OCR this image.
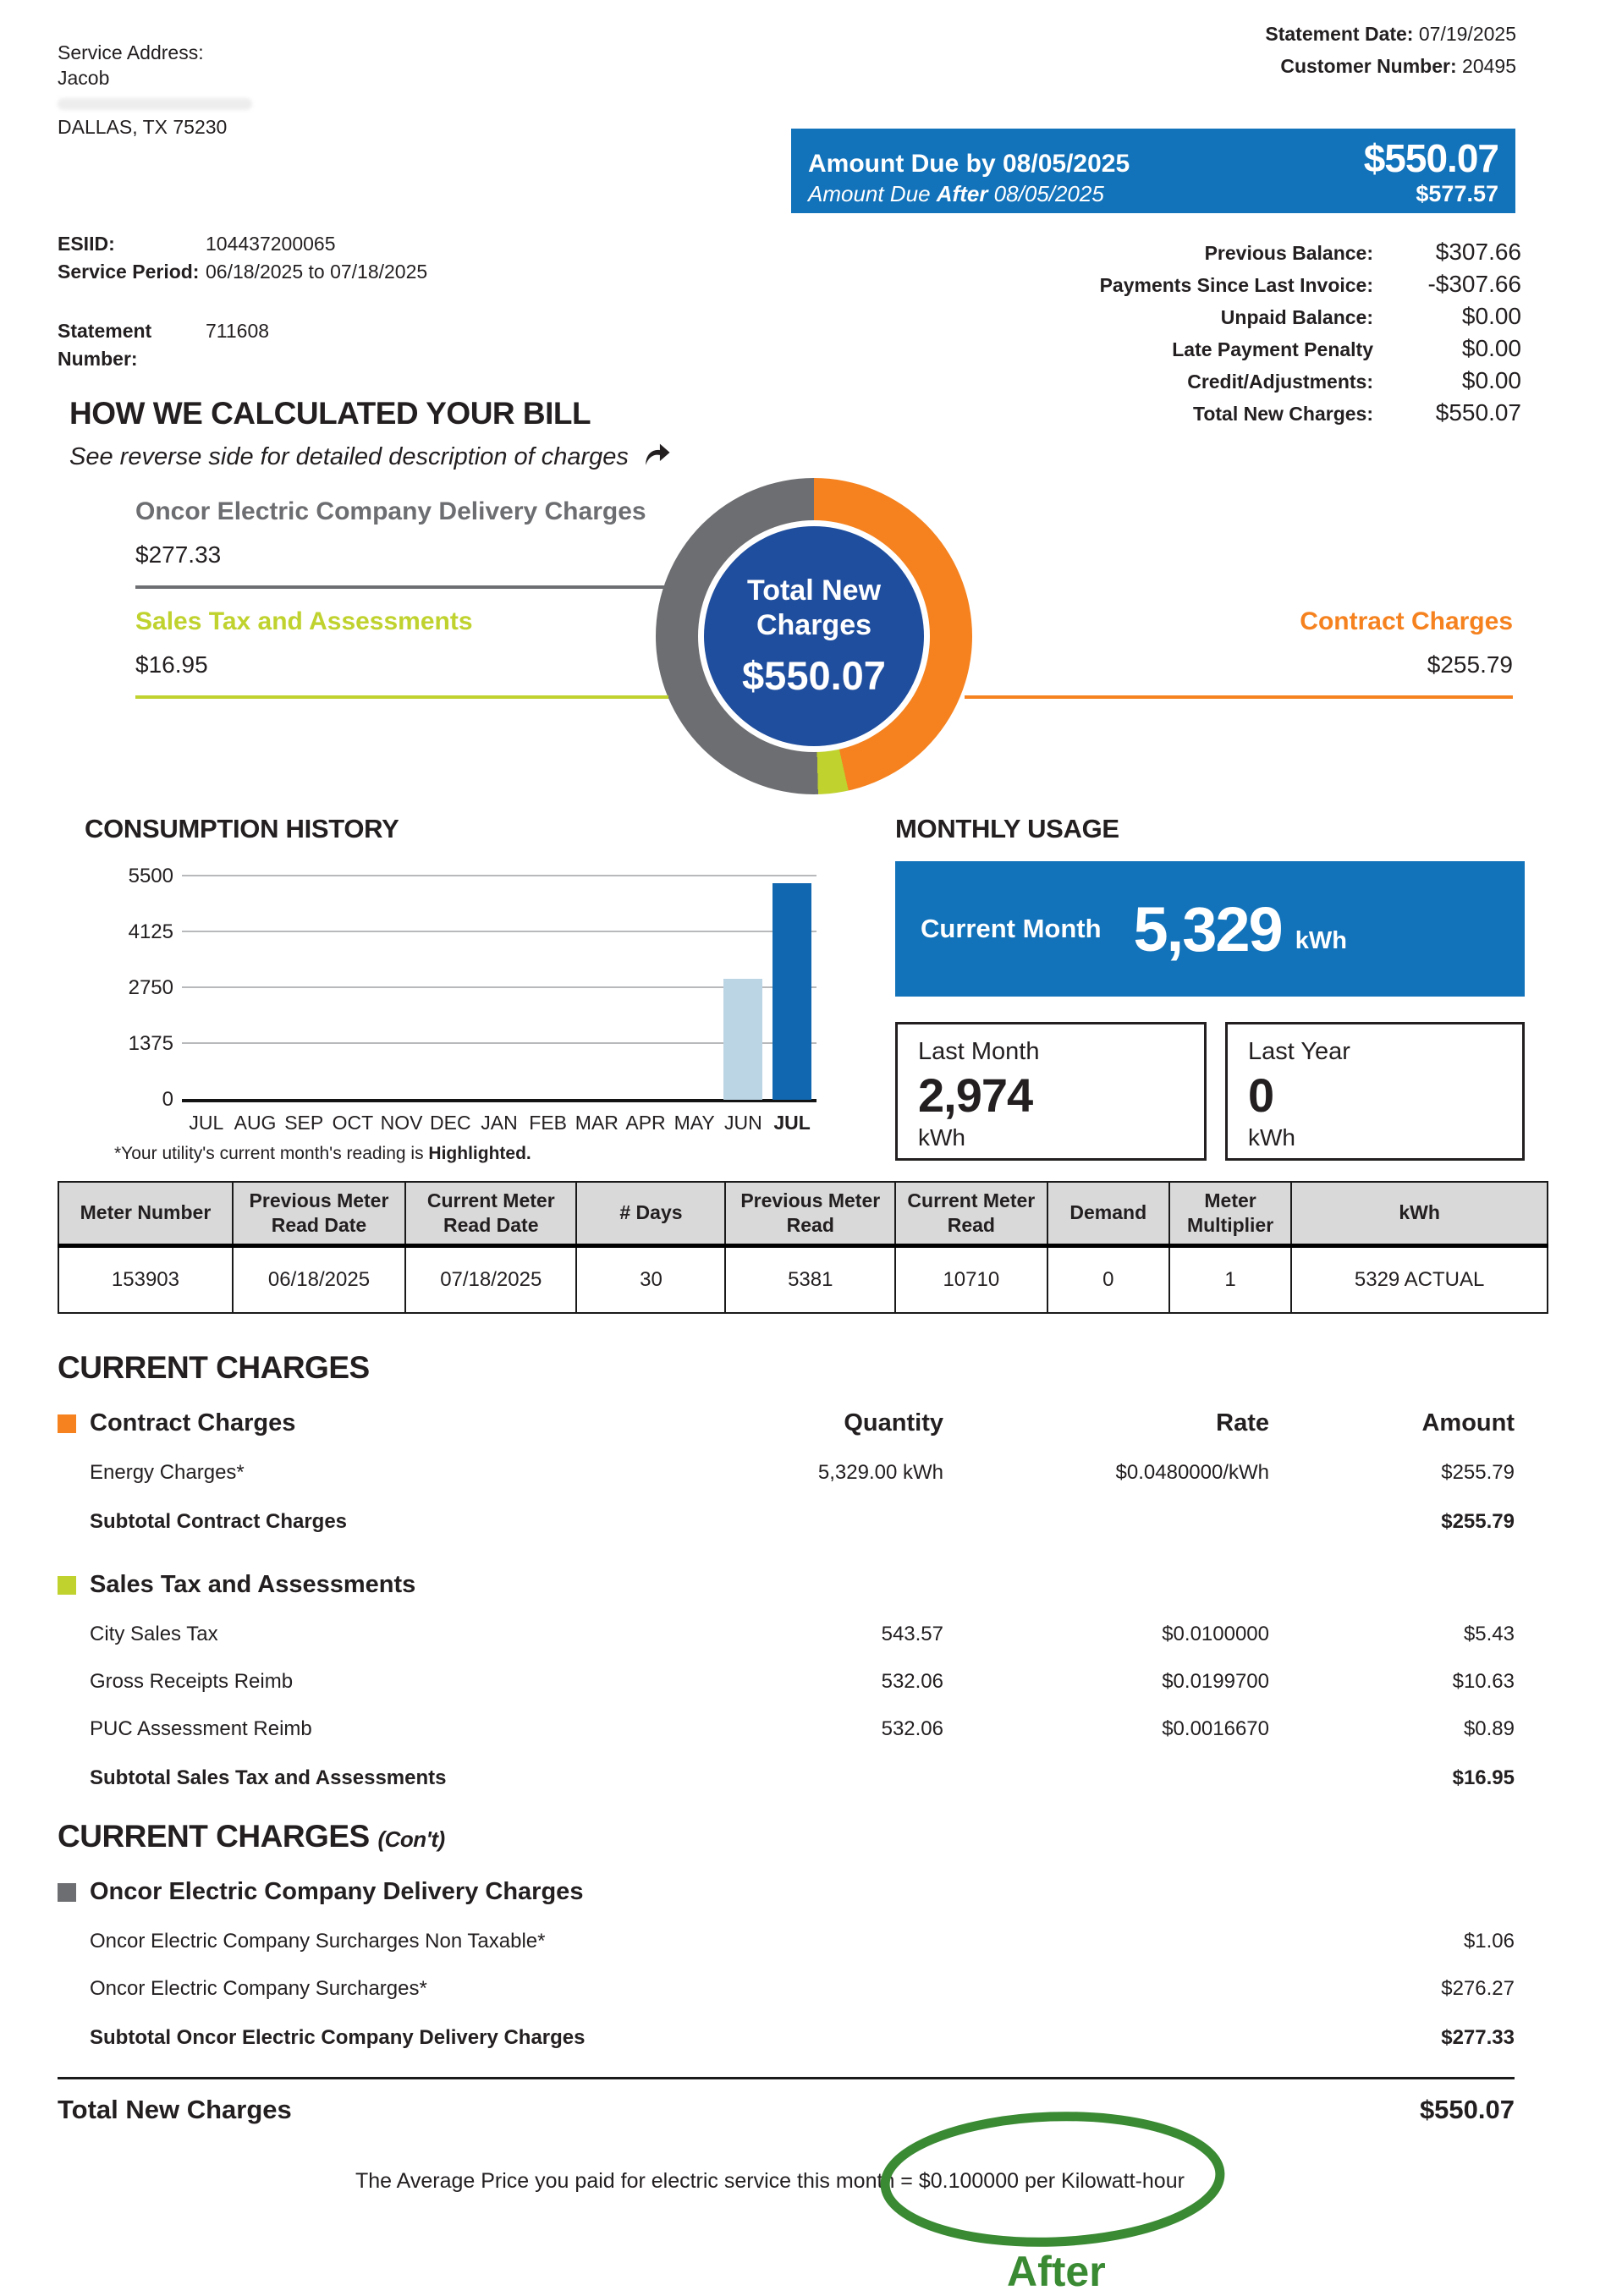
Statement Date: 07/19/2025
Customer Number: 20495
Service Address:
Jacob
DALLAS, TX 75230
Amount Due by 08/05/2025	$550.07
Amount Due After 08/05/2025	$577.57
ESIID:	104437200065
Service Period: 06/18/2025 to 07/18/2025
Statement Number:
711608
Previous Balance:	$307.66
Payments Since Last Invoice:	-$307.66
Unpaid Balance:	$0.00
Late Payment Penalty	$0.00
Credit/Adjustments:	$0.00
Total New Charges:	$550.07
HOW WE CALCULATED YOUR BILL
See reverse side for detailed description of charges
Total New
Charges
$550.07
Oncor Electric Company Delivery Charges
$277.33
Sales Tax and Assessments
$16.95
Contract Charges
$255.79
CONSUMPTION HISTORY
0
1375
2750
4125
5500
JUL AUG SEP OCT NOV DEC JAN FEB MAR APR MAY JUN JUL
*Your utility's current month's reading is Highlighted.
MONTHLY USAGE
Current Month 5,329 kWh
Last Month
2,974
kWh
Last Year
0
kWh
Meter Number	Previous Meter Read Date	Current Meter Read Date	# Days	Previous Meter Read	Current Meter Read	Demand	Meter Multiplier	kWh
153903	06/18/2025	07/18/2025	30	5381	10710	0	1	5329 ACTUAL
CURRENT CHARGES
Contract Charges	Quantity	Rate	Amount
Energy Charges*	5,329.00 kWh	$0.0480000/kWh	$255.79
Subtotal Contract Charges	$255.79
Sales Tax and Assessments
City Sales Tax	543.57	$0.0100000	$5.43
Gross Receipts Reimb	532.06	$0.0199700	$10.63
PUC Assessment Reimb	532.06	$0.0016670	$0.89
Subtotal Sales Tax and Assessments	$16.95
CURRENT CHARGES (Con't)
Oncor Electric Company Delivery Charges
Oncor Electric Company Surcharges Non Taxable*	$1.06
Oncor Electric Company Surcharges*	$276.27
Subtotal Oncor Electric Company Delivery Charges	$277.33
Total New Charges	$550.07
The Average Price you paid for electric service this month = $0.100000 per Kilowatt-hour
After
